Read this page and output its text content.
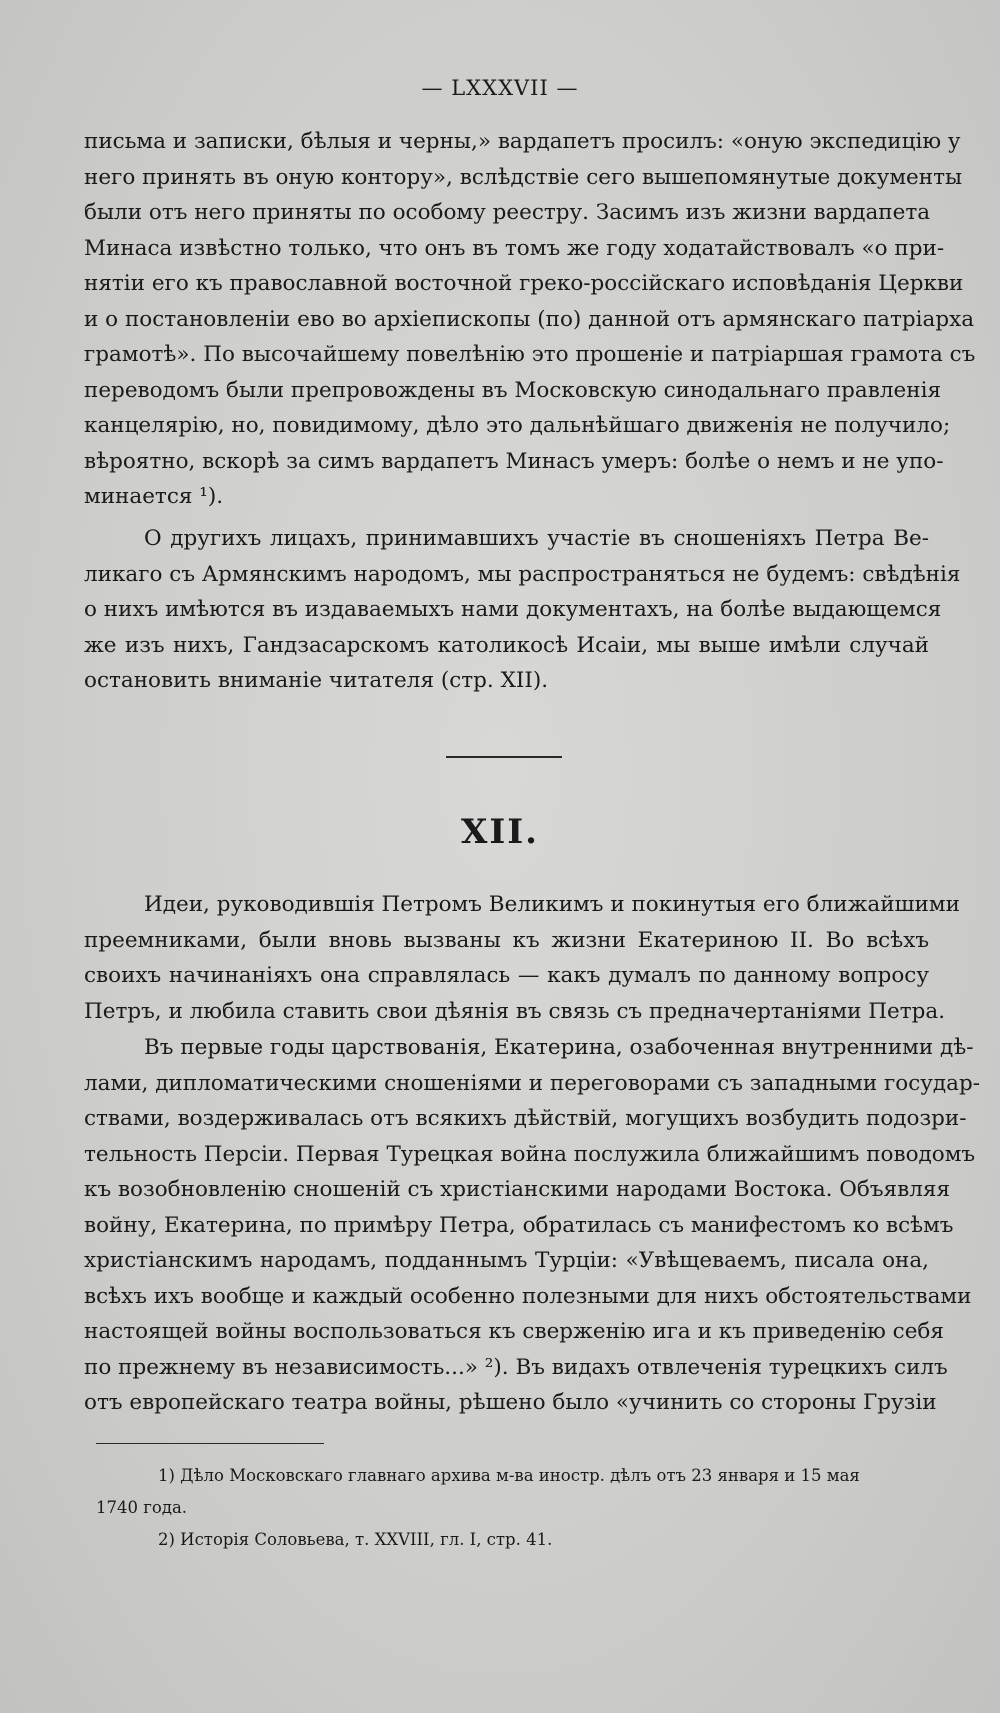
— LXXXVII —
письма и записки, бѣлыя и черны,» вардапетъ просилъ: «оную экспедицію у
него принять въ оную контору», вслѣдствіе сего вышепомянутые документы
были отъ него приняты по особому реестру. Засимъ изъ жизни вардапета
Минаса извѣстно только, что онъ въ томъ же году ходатайствовалъ «о при-
нятіи его къ православной восточной греко-россійскаго исповѣданія Церкви
и о постановленіи ево во архіепископы (по) данной отъ армянскаго патріарха
грамотѣ». По высочайшему повелѣнію это прошеніе и патріаршая грамота съ
переводомъ были препровождены въ Московскую синодальнаго правленія
канцелярію, но, повидимому, дѣло это дальнѣйшаго движенія не получило;
вѣроятно, вскорѣ за симъ вардапетъ Минасъ умеръ: болѣе о немъ и не упо-
минается ¹).
О другихъ лицахъ, принимавшихъ участіе въ сношеніяхъ Петра Ве-
ликаго съ Армянскимъ народомъ, мы распространяться не будемъ: свѣдѣнія
о нихъ имѣются въ издаваемыхъ нами документахъ, на болѣе выдающемся
же изъ нихъ, Гандзасарскомъ католикосѣ Исаіи, мы выше имѣли случай
остановить вниманіе читателя (стр. XII).
XII.
Идеи, руководившія Петромъ Великимъ и покинутыя его ближайшими
преемниками, были вновь вызваны къ жизни Екатериною II. Во всѣхъ
своихъ начинаніяхъ она справлялась — какъ думалъ по данному вопросу
Петръ, и любила ставить свои дѣянія въ связь съ предначертаніями Петра.
Въ первые годы царствованія, Екатерина, озабоченная внутренними дѣ-
лами, дипломатическими сношеніями и переговорами съ западными государ-
ствами, воздерживалась отъ всякихъ дѣйствій, могущихъ возбудить подозри-
тельность Персіи. Первая Турецкая война послужила ближайшимъ поводомъ
къ возобновленію сношеній съ христіанскими народами Востока. Объявляя
войну, Екатерина, по примѣру Петра, обратилась съ манифестомъ ко всѣмъ
христіанскимъ народамъ, подданнымъ Турціи: «Увѣщеваемъ, писала она,
всѣхъ ихъ вообще и каждый особенно полезными для нихъ обстоятельствами
настоящей войны воспользоваться къ сверженію ига и къ приведенію себя
по прежнему въ независимость...» ²). Въ видахъ отвлеченія турецкихъ силъ
отъ европейскаго театра войны, рѣшено было «учинить со стороны Грузіи
1) Дѣло Московскаго главнаго архива м-ва иностр. дѣлъ отъ 23 января и 15 мая
1740 года.
2) Исторія Соловьева, т. XXVIII, гл. I, стр. 41.
